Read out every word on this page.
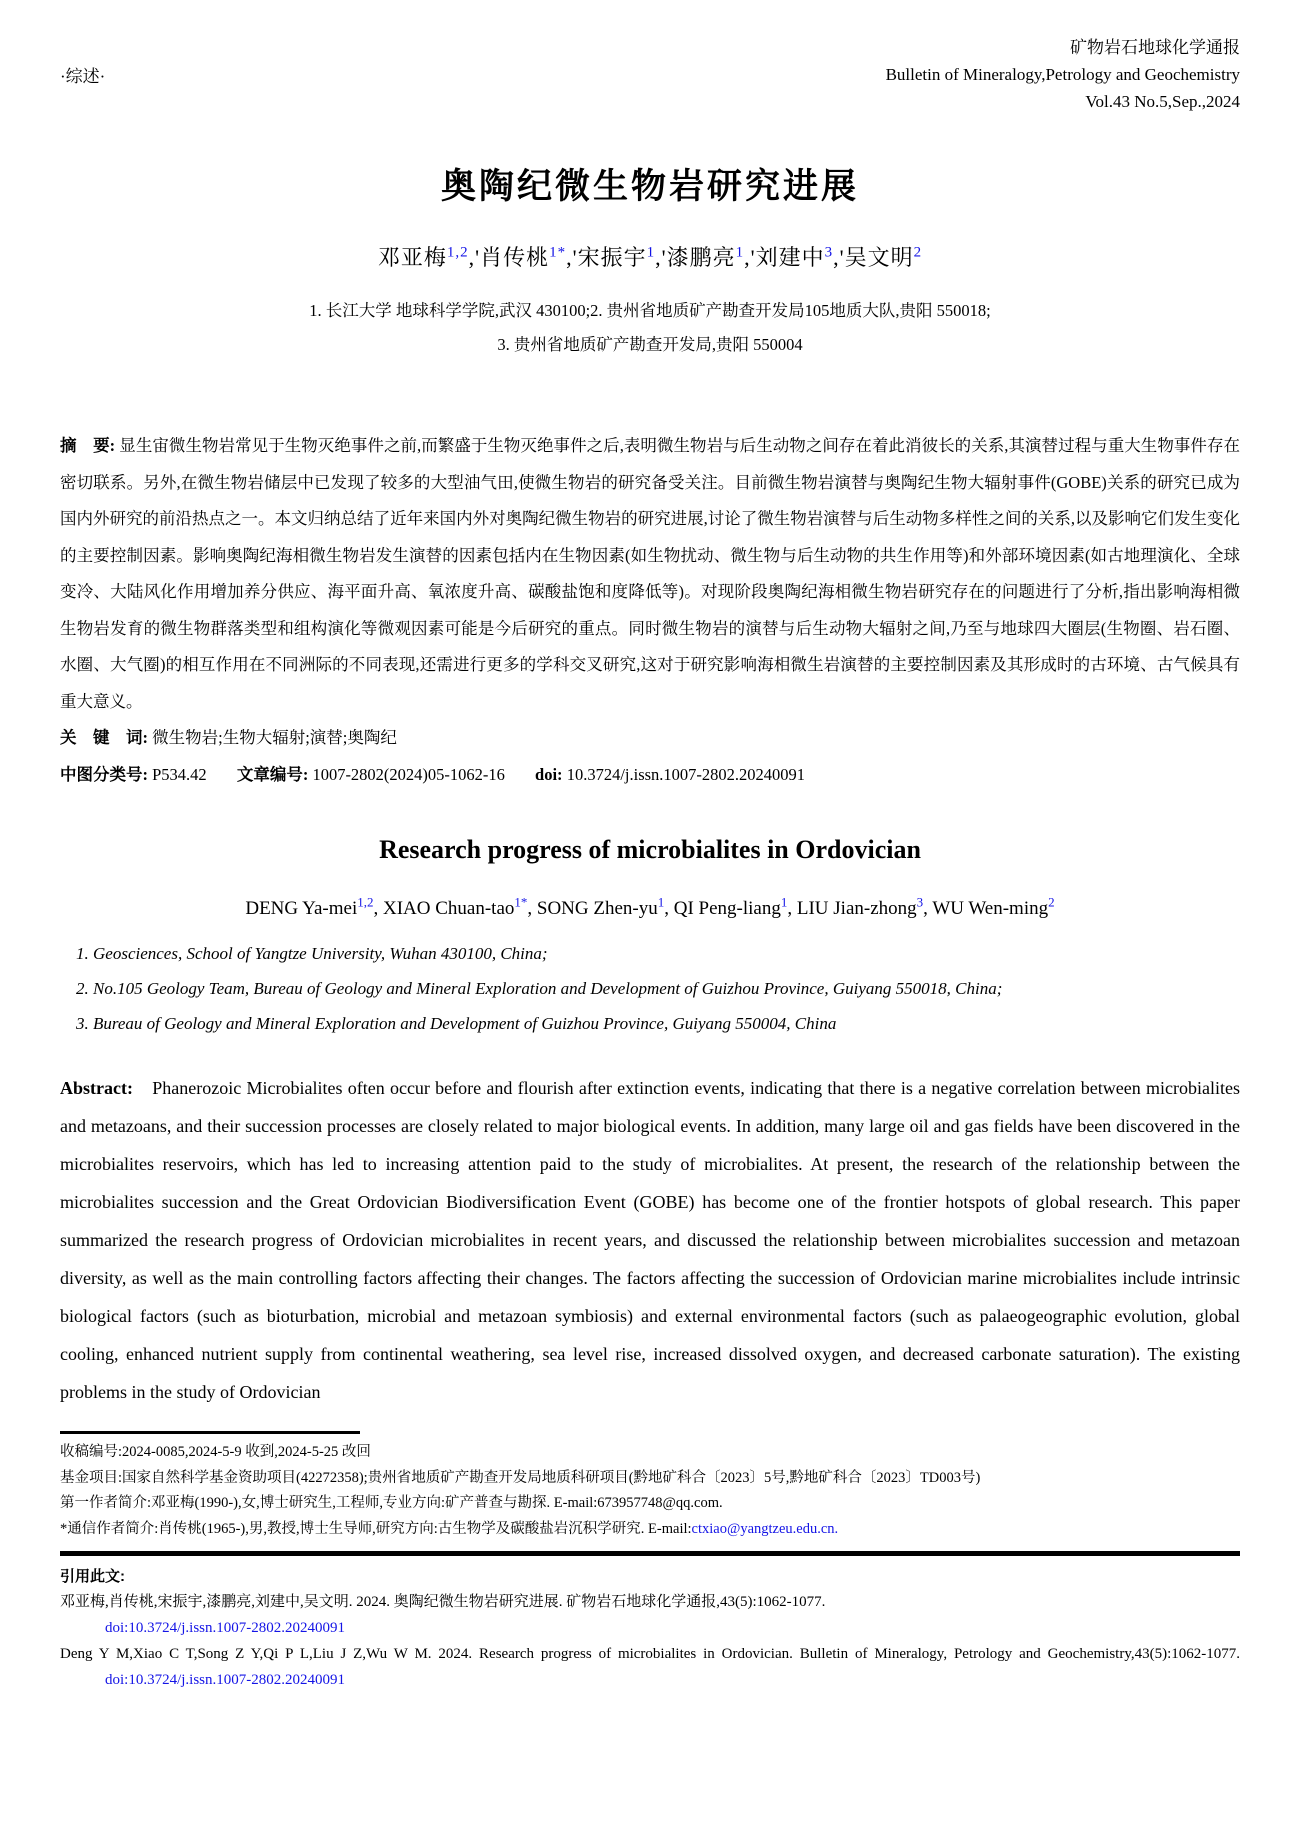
·综述·
矿物岩石地球化学通报
Bulletin of Mineralogy,Petrology and Geochemistry
Vol.43 No.5,Sep.,2024
奥陶纪微生物岩研究进展
邓亚梅$^{1,2}$,'肖传桃$^{1*}$,'宋振宇$^1$,'漆鹏亮$^1$,'刘建中$^3$,'吴文明$^2$
1. 长江大学 地球科学学院,武汉 430100;2. 贵州省地质矿产勘查开发局105地质大队,贵阳 550018;
3. 贵州省地质矿产勘查开发局,贵阳 550004
摘　要: 显生宙微生物岩常见于生物灭绝事件之前,而繁盛于生物灭绝事件之后,表明微生物岩与后生动物之间存在着此消彼长的关系,其演替过程与重大生物事件存在密切联系。另外,在微生物岩储层中已发现了较多的大型油气田,使微生物岩的研究备受关注。目前微生物岩演替与奥陶纪生物大辐射事件(GOBE)关系的研究已成为国内外研究的前沿热点之一。本文归纳总结了近年来国内外对奥陶纪微生物岩的研究进展,讨论了微生物岩演替与后生动物多样性之间的关系,以及影响它们发生变化的主要控制因素。影响奥陶纪海相微生物岩发生演替的因素包括内在生物因素(如生物扰动、微生物与后生动物的共生作用等)和外部环境因素(如古地理演化、全球变冷、大陆风化作用增加养分供应、海平面升高、氧浓度升高、碳酸盐饱和度降低等)。对现阶段奥陶纪海相微生物岩研究存在的问题进行了分析,指出影响海相微生物岩发育的微生物群落类型和组构演化等微观因素可能是今后研究的重点。同时微生物岩的演替与后生动物大辐射之间,乃至与地球四大圈层(生物圈、岩石圈、水圈、大气圈)的相互作用在不同洲际的不同表现,还需进行更多的学科交叉研究,这对于研究影响海相微生岩演替的主要控制因素及其形成时的古环境、古气候具有重大意义。
关　键　词: 微生物岩;生物大辐射;演替;奥陶纪
中图分类号: P534.42 文章编号: 1007-2802(2024)05-1062-16 doi: 10.3724/j.issn.1007-2802.20240091
Research progress of microbialites in Ordovician
DENG Ya-mei$^{1,2}$, XIAO Chuan-tao$^{1*}$, SONG Zhen-$yu^1$, QI Peng-liang$^1$, LIU Jian-zhong$^3$, WU Wen-ming$^2$
1. Geosciences, School of Yangtze University, Wuhan 430100, China;
2. No.105 Geology Team, Bureau of Geology and Mineral Exploration and Development of Guizhou Province, Guiyang 550018, China;
3. Bureau of Geology and Mineral Exploration and Development of Guizhou Province, Guiyang 550004, China
Abstract: Phanerozoic Microbialites often occur before and flourish after extinction events, indicating that there is a negative correlation between microbialites and metazoans, and their succession processes are closely related to major biological events. In addition, many large oil and gas fields have been discovered in the microbialites reservoirs, which has led to increasing attention paid to the study of microbialites. At present, the research of the relationship between the microbialites succession and the Great Ordovician Biodiversification Event (GOBE) has become one of the frontier hotspots of global research. This paper summarized the research progress of Ordovician microbialites in recent years, and discussed the relationship between microbialites succession and metazoan diversity, as well as the main controlling factors affecting their changes. The factors affecting the succession of Ordovician marine microbialites include intrinsic biological factors (such as bioturbation, microbial and metazoan symbiosis) and external environmental factors (such as palaeogeographic evolution, global cooling, enhanced nutrient supply from continental weathering, sea level rise, increased dissolved oxygen, and decreased carbonate saturation). The existing problems in the study of Ordovician
收稿编号:2024-0085,2024-5-9 收到,2024-5-25 改回
基金项目:国家自然科学基金资助项目(42272358);贵州省地质矿产勘查开发局地质科研项目(黔地矿科合〔2023〕5号,黔地矿科合〔2023〕TD003号)
第一作者简介:邓亚梅(1990-),女,博士研究生,工程师,专业方向:矿产普查与勘探. E-mail:673957748@qq.com.
*通信作者简介:肖传桃(1965-),男,教授,博士生导师,研究方向:古生物学及碳酸盐岩沉积学研究. E-mail:ctxiao@yangtzeu.edu.cn.
引用此文:
邓亚梅,肖传桃,宋振宇,漆鹏亮,刘建中,吴文明. 2024. 奥陶纪微生物岩研究进展. 矿物岩石地球化学通报,43(5):1062-1077.
doi:10.3724/j.issn.1007-2802.20240091
Deng Y M,Xiao C T,Song Z Y,Qi P L,Liu J Z,Wu W M. 2024. Research progress of microbialites in Ordovician. Bulletin of Mineralogy, Petrology and Geochemistry,43(5):1062-1077. doi:10.3724/j.issn.1007-2802.20240091
